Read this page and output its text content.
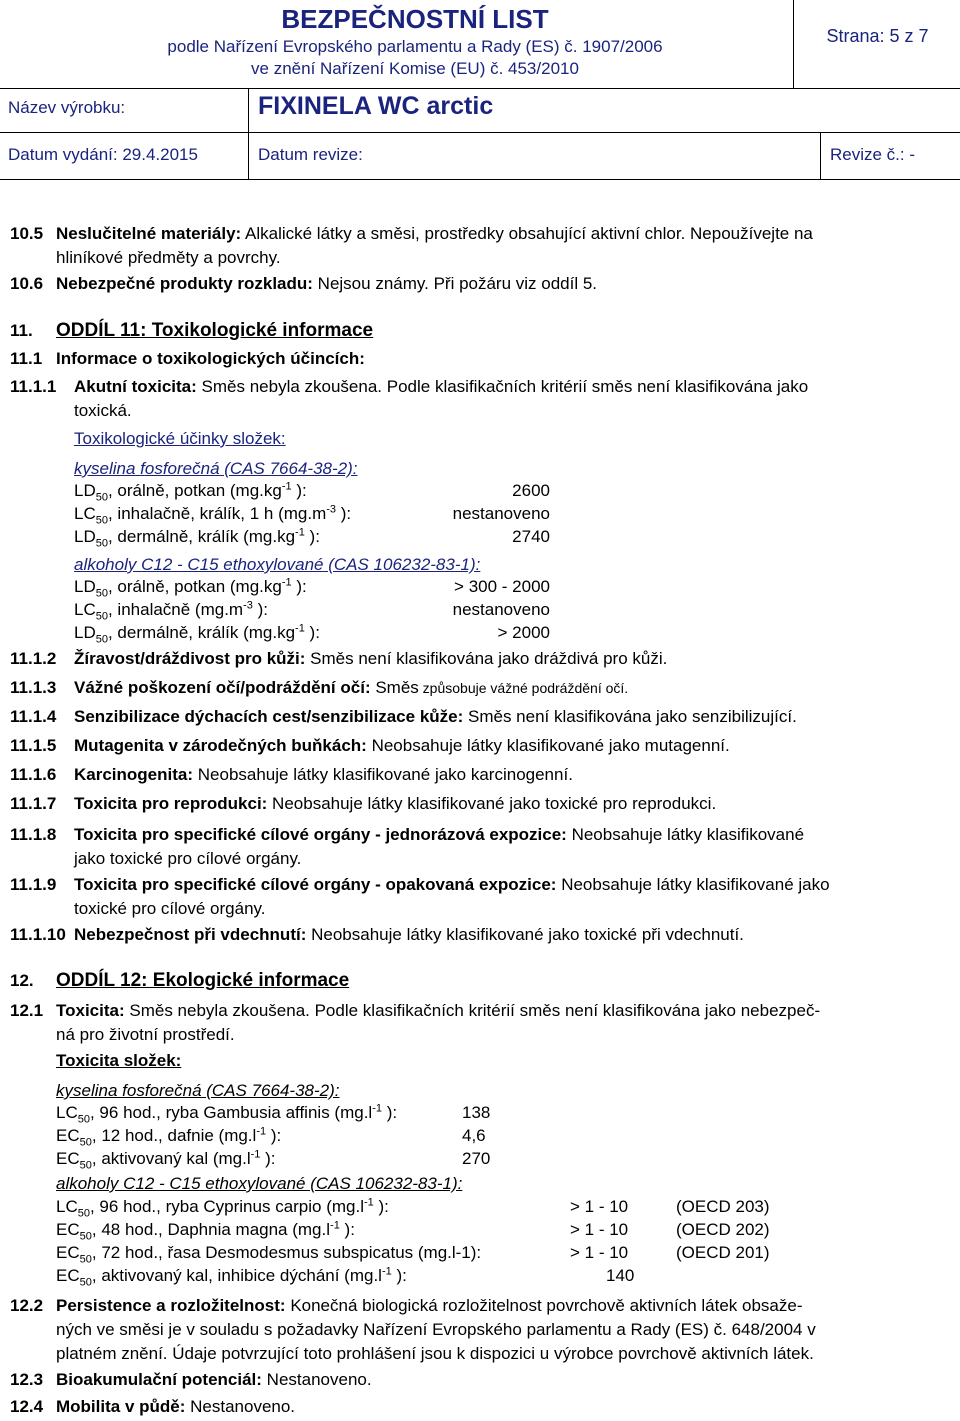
BEZPEČNOSTNÍ LIST
podle Nařízení Evropského parlamentu a Rady (ES) č. 1907/2006
ve znění Nařízení Komise (EU) č. 453/2010
Strana: 5 z 7
Název výrobku:	FIXINELA WC arctic
Datum vydání: 29.4.2015	Datum revize:	Revize č.: -
10.5 Neslučitelné materiály: Alkalické látky a směsi, prostředky obsahující aktivní chlor. Nepoužívejte na
hliníkové předměty a povrchy.
10.6 Nebezpečné produkty rozkladu: Nejsou známy. Při požáru viz oddíl 5.
11. ODDÍL 11: Toxikologické informace
11.1 Informace o toxikologických účincích:
11.1.1 Akutní toxicita: Směs nebyla zkoušena. Podle klasifikačních kritérií směs není klasifikována jako
toxická.
Toxikologické účinky složek:
kyselina fosforečná (CAS 7664-38-2):
$LD_{50}$, orálně, potkan ($mg.kg^{-1}$ ):	2600
$LC_{50}$, inhalačně, králík, 1 h ($mg.m^{-3}$ ):	nestanoveno
$LD_{50}$, dermálně, králík ($mg.kg^{-1}$ ):	2740
alkoholy C12 - C15 ethoxylované (CAS 106232-83-1):
$LD_{50}$, orálně, potkan ($mg.kg^{-1}$ ):	> 300 - 2000
$LC_{50}$, inhalačně ($mg.m^{-3}$ ):	nestanoveno
$LD_{50}$, dermálně, králík ($mg.kg^{-1}$ ):	> 2000
11.1.2 Žíravost/dráždivost pro kůži: Směs není klasifikována jako dráždivá pro kůži.
11.1.3 Vážné poškození očí/podráždění očí: Směs způsobuje vážné podráždění očí.
11.1.4 Senzibilizace dýchacích cest/senzibilizace kůže: Směs není klasifikována jako senzibilizující.
11.1.5 Mutagenita v zárodečných buňkách: Neobsahuje látky klasifikované jako mutagenní.
11.1.6 Karcinogenita: Neobsahuje látky klasifikované jako karcinogenní.
11.1.7 Toxicita pro reprodukci: Neobsahuje látky klasifikované jako toxické pro reprodukci.
11.1.8 Toxicita pro specifické cílové orgány - jednorázová expozice: Neobsahuje látky klasifikované
jako toxické pro cílové orgány.
11.1.9 Toxicita pro specifické cílové orgány - opakovaná expozice: Neobsahuje látky klasifikované jako
toxické pro cílové orgány.
11.1.10 Nebezpečnost při vdechnutí: Neobsahuje látky klasifikované jako toxické při vdechnutí.
12. ODDÍL 12: Ekologické informace
12.1 Toxicita: Směs nebyla zkoušena. Podle klasifikačních kritérií směs není klasifikována jako nebezpeč-
ná pro životní prostředí.
Toxicita složek:
kyselina fosforečná (CAS 7664-38-2):
$LC_{50}$, 96 hod., ryba Gambusia affinis ($mg.l^{-1}$ ):	138
$EC_{50}$, 12 hod., dafnie ($mg.l^{-1}$ ):	4,6
$EC_{50}$, aktivovaný kal ($mg.l^{-1}$ ):	270
alkoholy C12 - C15 ethoxylované (CAS 106232-83-1):
$LC_{50}$, 96 hod., ryba Cyprinus carpio ($mg.l^{-1}$ ):	> 1 - 10	(OECD 203)
$EC_{50}$, 48 hod., Daphnia magna ($mg.l^{-1}$ ):	> 1 - 10	(OECD 202)
$EC_{50}$, 72 hod., řasa Desmodesmus subspicatus (mg.l-1):	> 1 - 10	(OECD 201)
$EC_{50}$, aktivovaný kal, inhibice dýchání ($mg.l^{-1}$ ):	140
12.2 Persistence a rozložitelnost: Konečná biologická rozložitelnost povrchově aktivních látek obsaže-
ných ve směsi je v souladu s požadavky Nařízení Evropského parlamentu a Rady (ES) č. 648/2004 v
platném znění. Údaje potvrzující toto prohlášení jsou k dispozici u výrobce povrchově aktivních látek.
12.3 Bioakumulační potenciál: Nestanoveno.
12.4 Mobilita v půdě: Nestanoveno.
